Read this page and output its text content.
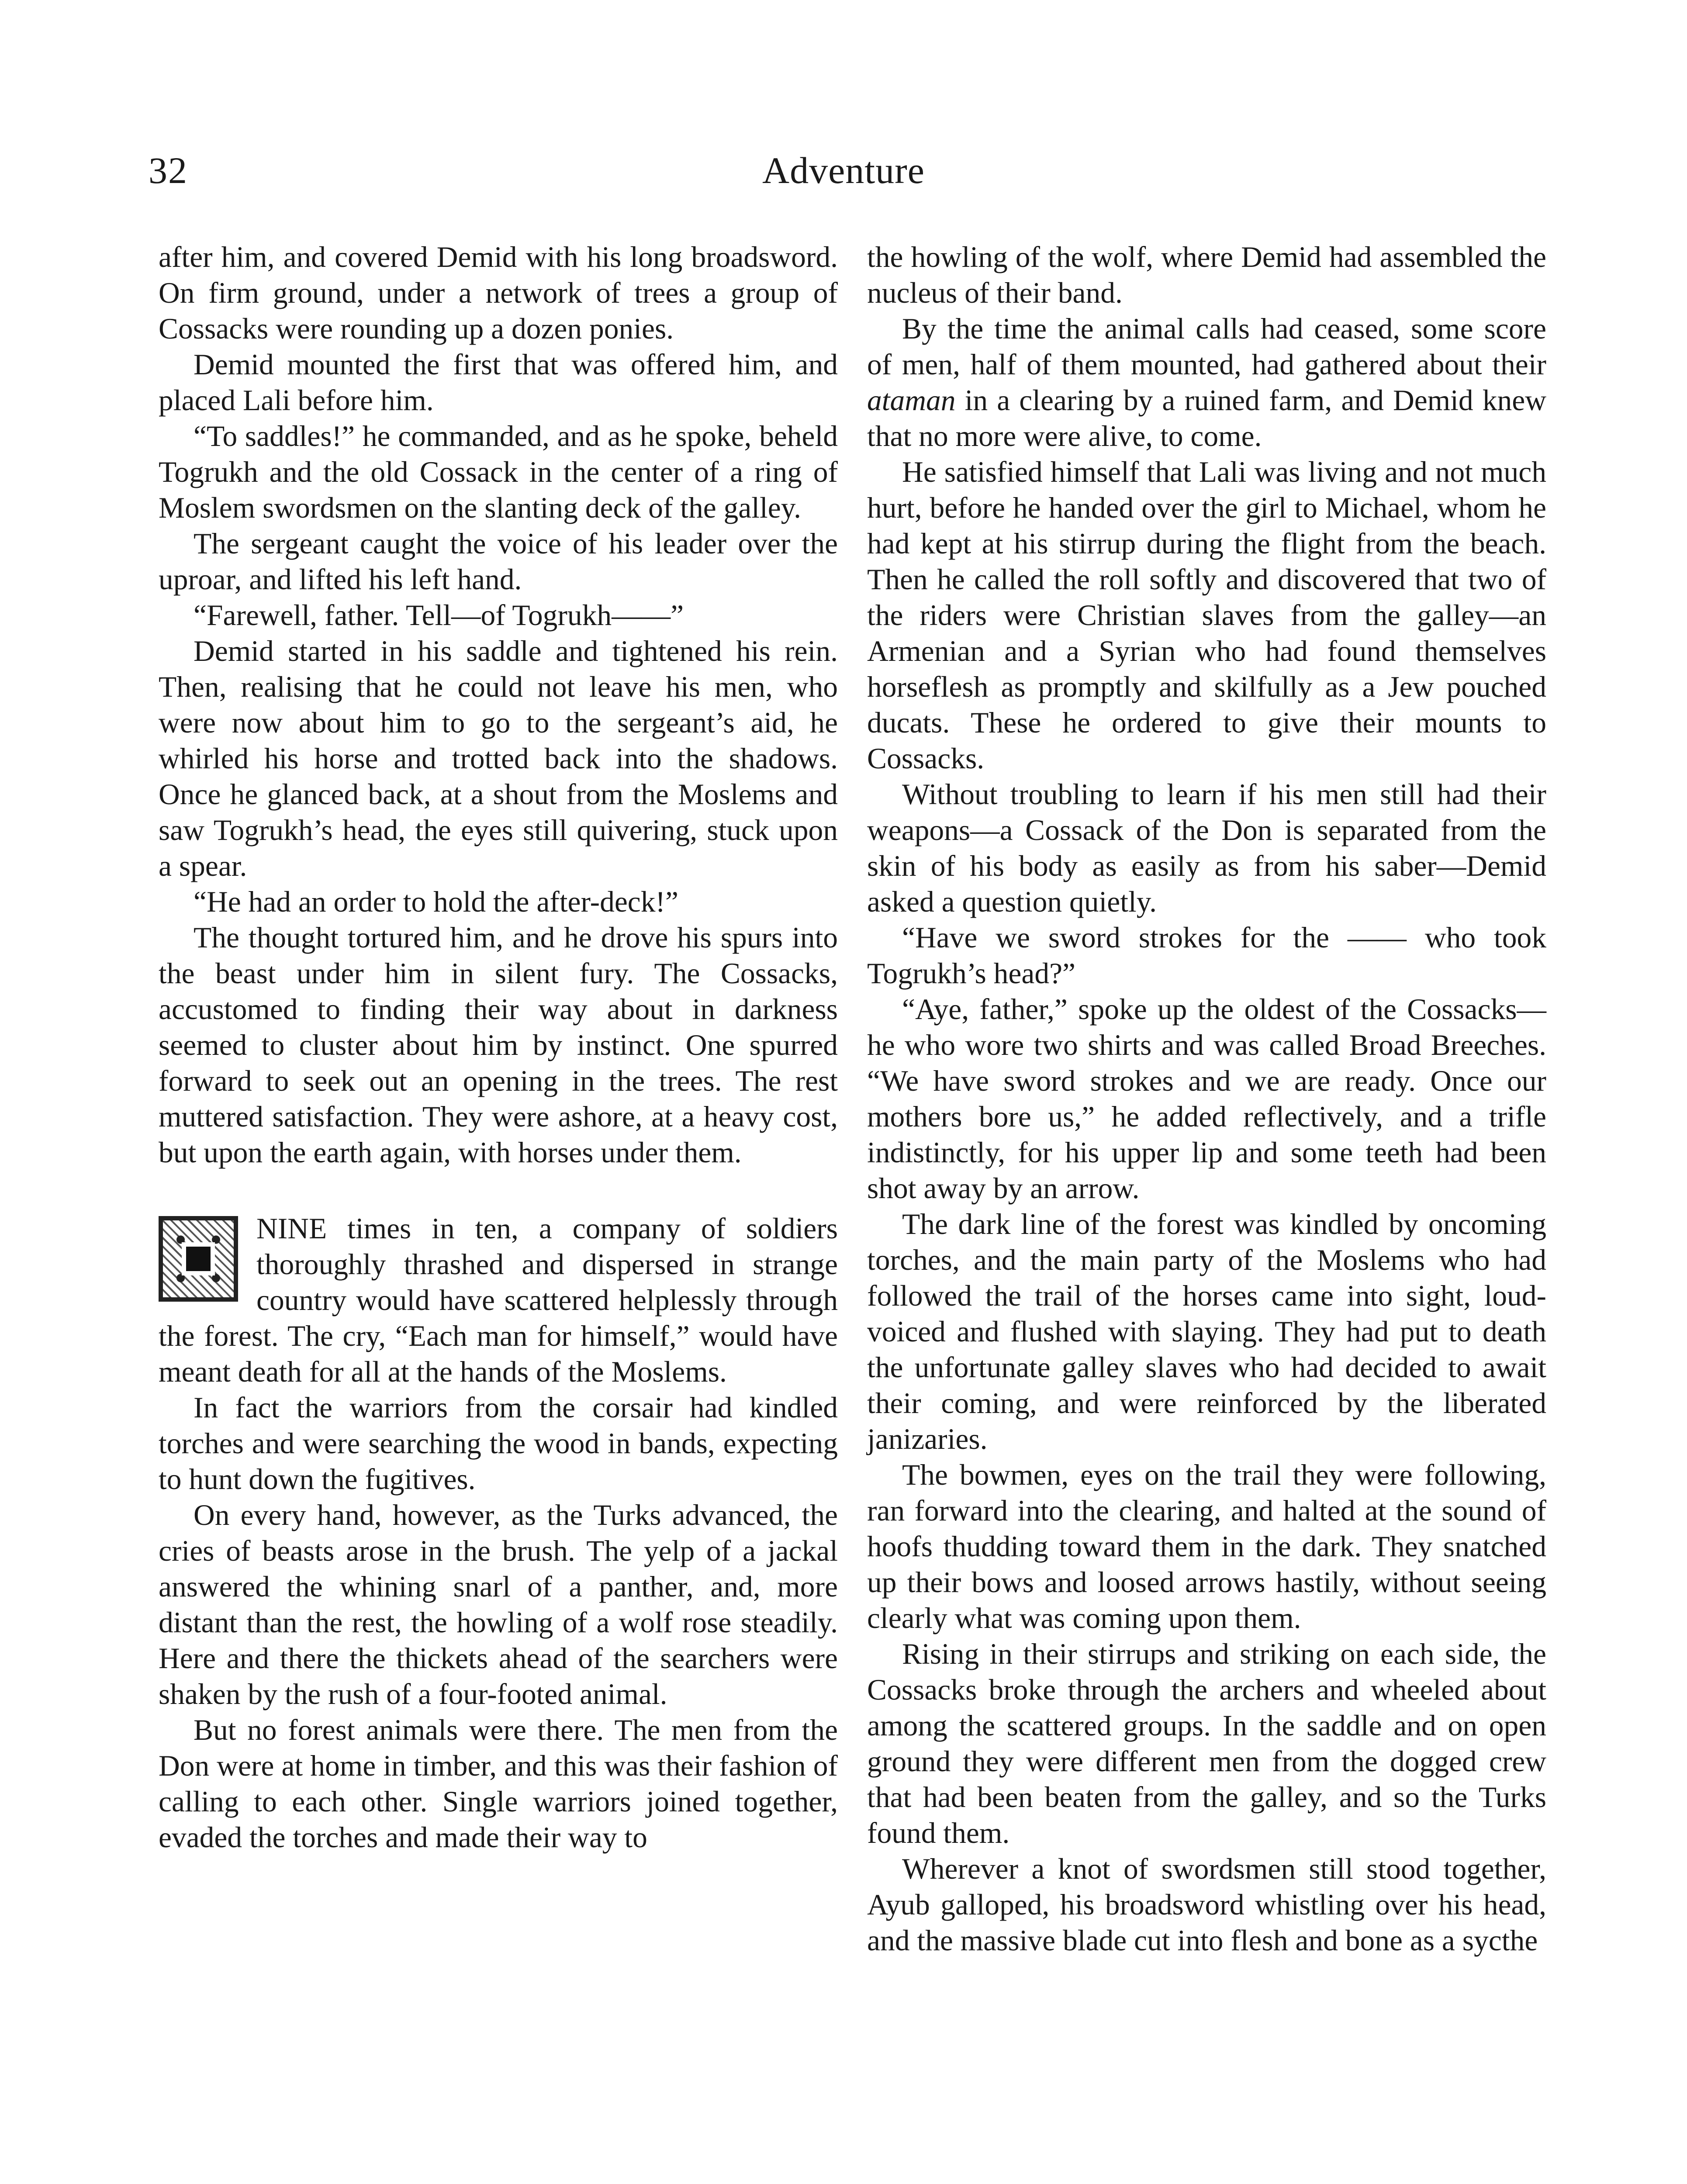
32	Adventure

after him, and covered Demid with his long broadsword. On firm ground, under a network of trees a group of Cossacks were rounding up a dozen ponies.

Demid mounted the first that was offered him, and placed Lali before him.

“To saddles!” he commanded, and as he spoke, beheld Togrukh and the old Cossack in the center of a ring of Moslem swordsmen on the slanting deck of the galley.

The sergeant caught the voice of his leader over the uproar, and lifted his left hand.

“Farewell, father. Tell—of Togrukh——”

Demid started in his saddle and tightened his rein. Then, realising that he could not leave his men, who were now about him to go to the sergeant’s aid, he whirled his horse and trotted back into the shadows. Once he glanced back, at a shout from the Moslems and saw Togrukh’s head, the eyes still quivering, stuck upon a spear.

“He had an order to hold the after-deck!”

The thought tortured him, and he drove his spurs into the beast under him in silent fury. The Cossacks, accustomed to finding their way about in darkness seemed to cluster about him by instinct. One spurred forward to seek out an opening in the trees. The rest muttered satisfaction. They were ashore, at a heavy cost, but upon the earth again, with horses under them.

NINE times in ten, a company of soldiers thoroughly thrashed and dispersed in strange country would have scattered helplessly through the forest. The cry, “Each man for himself,” would have meant death for all at the hands of the Moslems.

In fact the warriors from the corsair had kindled torches and were searching the wood in bands, expecting to hunt down the fugitives.

On every hand, however, as the Turks advanced, the cries of beasts arose in the brush. The yelp of a jackal answered the whining snarl of a panther, and, more distant than the rest, the howling of a wolf rose steadily. Here and there the thickets ahead of the searchers were shaken by the rush of a four-footed animal.

But no forest animals were there. The men from the Don were at home in timber, and this was their fashion of calling to each other. Single warriors joined together, evaded the torches and made their way to

the howling of the wolf, where Demid had assembled the nucleus of their band.

By the time the animal calls had ceased, some score of men, half of them mounted, had gathered about their ataman in a clearing by a ruined farm, and Demid knew that no more were alive, to come.

He satisfied himself that Lali was living and not much hurt, before he handed over the girl to Michael, whom he had kept at his stirrup during the flight from the beach. Then he called the roll softly and discovered that two of the riders were Christian slaves from the galley—an Armenian and a Syrian who had found themselves horseflesh as promptly and skilfully as a Jew pouched ducats. These he ordered to give their mounts to Cossacks.

Without troubling to learn if his men still had their weapons—a Cossack of the Don is separated from the skin of his body as easily as from his saber—Demid asked a question quietly.

“Have we sword strokes for the —— who took Togrukh’s head?”

“Aye, father,” spoke up the oldest of the Cossacks—he who wore two shirts and was called Broad Breeches. “We have sword strokes and we are ready. Once our mothers bore us,” he added reflectively, and a trifle indistinctly, for his upper lip and some teeth had been shot away by an arrow.

The dark line of the forest was kindled by oncoming torches, and the main party of the Moslems who had followed the trail of the horses came into sight, loud-voiced and flushed with slaying. They had put to death the unfortunate galley slaves who had decided to await their coming, and were reinforced by the liberated janizaries.

The bowmen, eyes on the trail they were following, ran forward into the clearing, and halted at the sound of hoofs thudding toward them in the dark. They snatched up their bows and loosed arrows hastily, without seeing clearly what was coming upon them.

Rising in their stirrups and striking on each side, the Cossacks broke through the archers and wheeled about among the scattered groups. In the saddle and on open ground they were different men from the dogged crew that had been beaten from the galley, and so the Turks found them.

Wherever a knot of swordsmen still stood together, Ayub galloped, his broadsword whistling over his head, and the massive blade cut into flesh and bone as a sycthe
